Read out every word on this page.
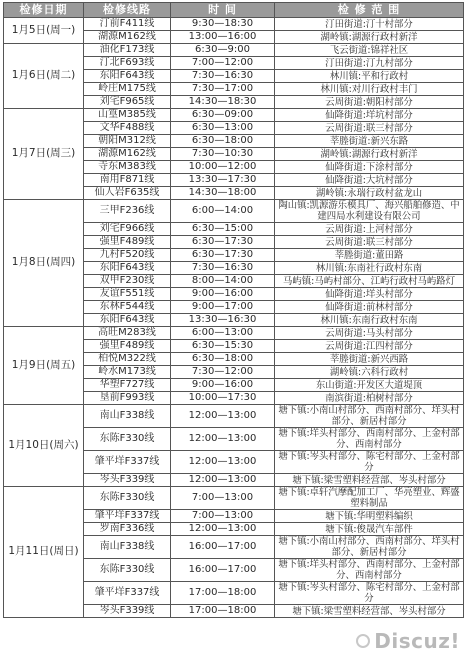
检修日期	检修线路	时 间	检 修 范 围
1月5日(周一)	汀前F411线	9:30—18:30	汀田街道:汀十村部分
	湖源M162线	13:00—16:00	湖岭镇:湖源行政村新洋
1月6日(周二)	油化F173线	6:30—9:00	飞云街道:锦祥社区
	汀北F693线	7:00—12:00	汀田街道:汀九村部分
	东阳F643线	7:30—16:30	林川镇:平和行政村
	岭庄M175线	7:30—17:00	林川镇:对川行政村丰门
	刘宅F965线	14:30—18:30	云周街道:朝阳村部分
1月7日(周三)	山篁M385线	6:30—09:00	仙降街道:垟坑村部分
	文华F488线	6:30—13:00	云周街道:联三村部分
	朝阳M312线	6:30—18:00	莘塍街道:新兴东路
	湖源M162线	7:30—10:30	湖岭镇:湖源行政村新洋
	寺东M383线	10:00—12:00	仙降街道:下涂村部分
	南用F871线	13:30—17:30	仙降街道:大坑村部分
	仙人岩F635线	14:30—18:00	湖岭镇:永瑞行政村盆龙山
1月8日(周四)	三甲F236线	6:00—14:00	陶山镇:凯源游乐模具厂、海兴船舶修造、中建四局水利建设有限公司
	刘宅F966线	6:30—15:00	云周街道:上河村部分
	强里F489线	6:30—17:30	云周街道:联三村部分
	九村F520线	6:30—17:30	莘塍街道:董田路
	东阳F643线	7:30—16:30	林川镇:东南社行政村东南
	双甲F230线	8:00—14:00	马屿镇:马屿村部分、江屿行政村马屿路灯
	友谊F551线	9:00—16:00	仙降街道:垟头村部分
	东林F544线	9:00—17:00	仙降街道:前林村部分
	东阳F643线	13:30—16:30	林川镇:东南行政村东南
1月9日(周五)	高旺M283线	6:00—13:00	云周街道:马头村部分
	强里F489线	6:30—15:30	云周街道:江四村部分
	柏悦M322线	6:30—18:00	莘塍街道:新兴西路
	岭水M173线	7:30—12:00	湖岭镇:六科行政村
	华塑F727线	9:00—16:00	东山街道:开发区大道堤顶
	垦前F993线	10:00—17:30	南滨街道:柏树村部分
1月10日(周六)	南山F338线	12:00—13:00	塘下镇:小南山村部分、西南村部分、垟头村部分、新居村部分
	东陈F330线	12:00—13:00	塘下镇:垟头村部分、西南村部分、上金村部分、西南村部分
	肇平垟F337线	12:00—13:00	塘下镇:岑头村部分、陈宅村部分、上金村部分
	岑头F339线	12:00—13:00	塘下镇:梁雪塑料经营部、岑头村部分
1月11日(周日)	东陈F330线	7:00—13:00	塘下镇:卓轩汽摩配加工厂、华亮塑业、辉盛塑料制品
	肇平垟F337线	7:00—13:00	塘下镇:华明塑料编织
	罗南F336线	12:00—13:00	塘下镇:俊晟汽车部件
	南山F338线	16:00—17:00	塘下镇:小南山村部分、西南村部分、垟头村部分、新居村部分
	东陈F330线	16:00—17:00	塘下镇:垟头村部分、西南村部分、上金村部分、西南村部分
	肇平垟F337线	17:00—18:00	塘下镇:岑头村部分、陈宅村部分、上金村部分
	岑头F339线	17:00—18:00	塘下镇:梁雪塑料经营部、岑头村部分
Discuz!
